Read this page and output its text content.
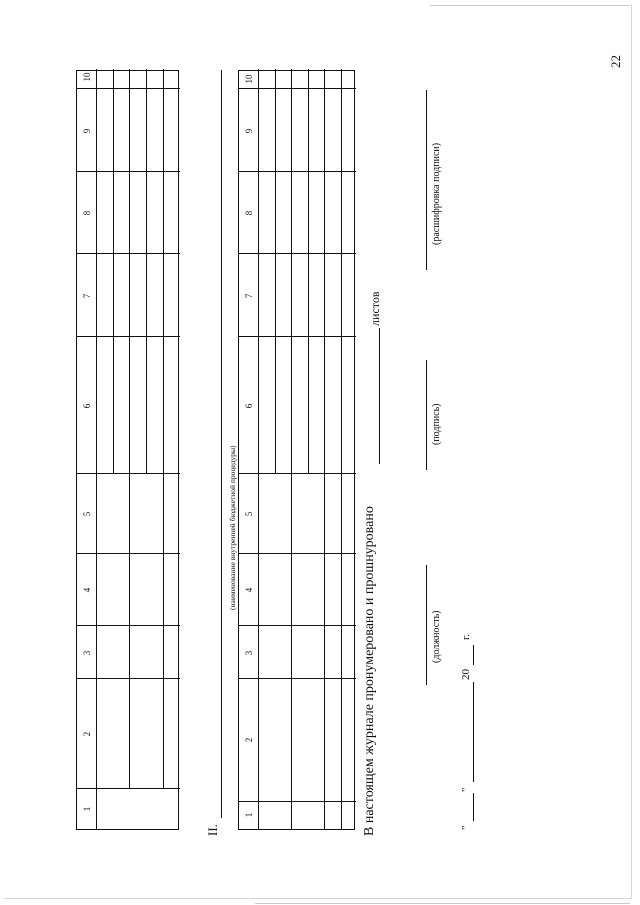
22
1
2
3
4
5
6
7
8
9
10
II.
(наименование внутренней бюджетной процедуры)
1
2
3
4
5
6
7
8
9
10
В настоящем журнале пронумеровано и прошнуровано
листов
(должность)
(подпись)
(расшифровка подписи)
"
"
20
г.
